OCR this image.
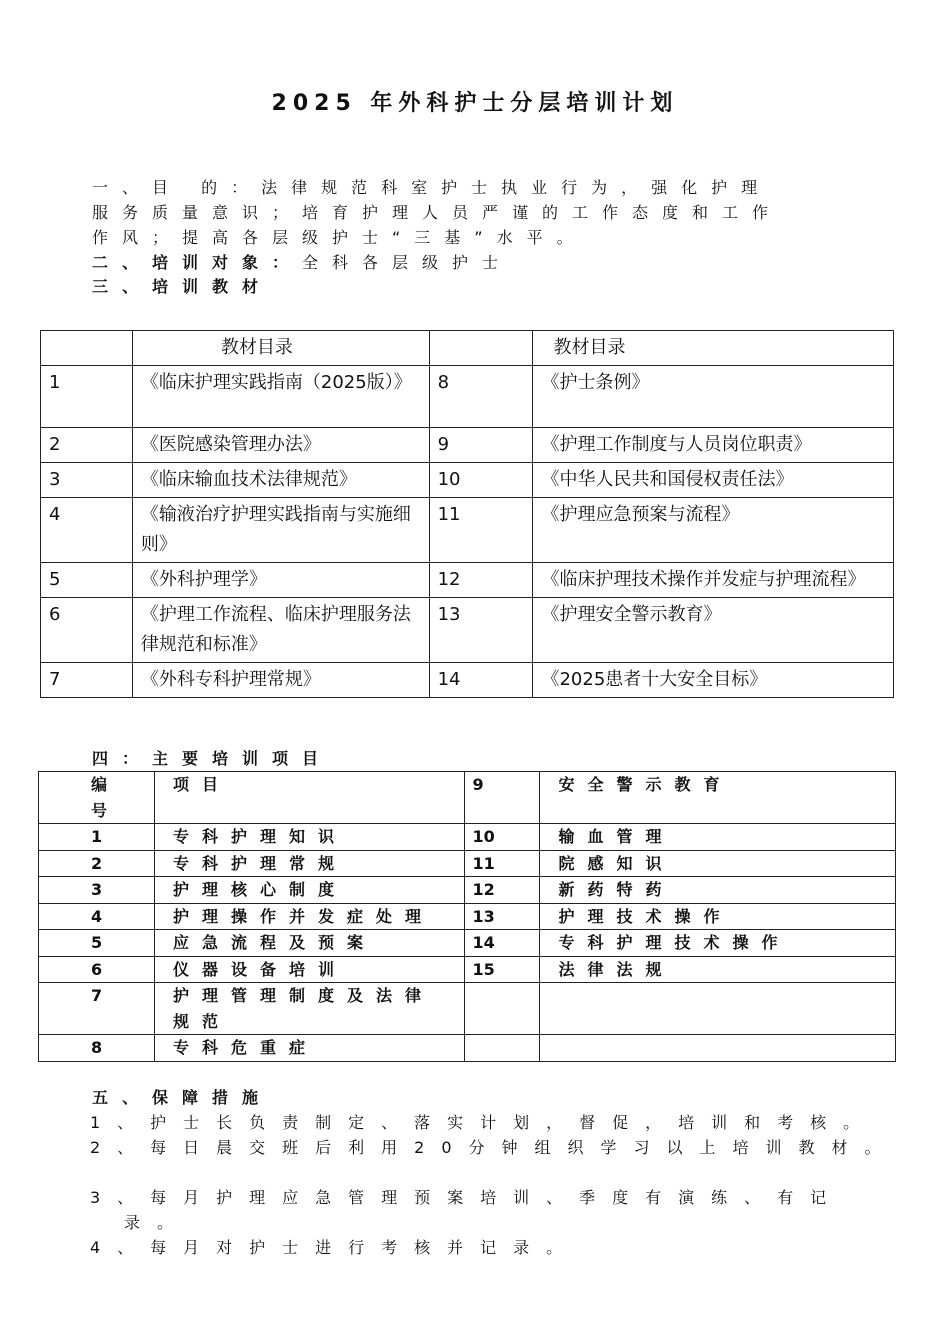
2025 年外科护士分层培训计划
一、目 的：法律规范科室护士执业行为，强化护理
服务质量意识；培育护理人员严谨的工作态度和工作
作风；提高各层级护士“三基”水平。
二、培训对象：全科各层级护士
三、培训教材
	教材目录		教材目录
1	《临床护理实践指南（2025版）》	8	《护士条例》
2	《医院感染管理办法》	9	《护理工作制度与人员岗位职责》
3	《临床输血技术法律规范》	10	《中华人民共和国侵权责任法》
4	《输液治疗护理实践指南与实施细则》	11	《护理应急预案与流程》
5	《外科护理学》	12	《临床护理技术操作并发症与护理流程》
6	《护理工作流程、临床护理服务法律规范和标准》	13	《护理安全警示教育》
7	《外科专科护理常规》	14	《2025患者十大安全目标》
四：主要培训项目
编号	项目	9	安全警示教育
1	专科护理知识	10	输血管理
2	专科护理常规	11	院感知识
3	护理核心制度	12	新药特药
4	护理操作并发症处理	13	护理技术操作
5	应急流程及预案	14	专科护理技术操作
6	仪器设备培训	15	法律法规
7	护理管理制度及法律规范		
8	专科危重症		
五、保障措施
1、护士长负责制定、落实计划，督促，培训和考核。
2、每日晨交班后利用20分钟组织学习以上培训教材。
3、每月护理应急管理预案培训、季度有演练、有记
录。
4、每月对护士进行考核并记录。
